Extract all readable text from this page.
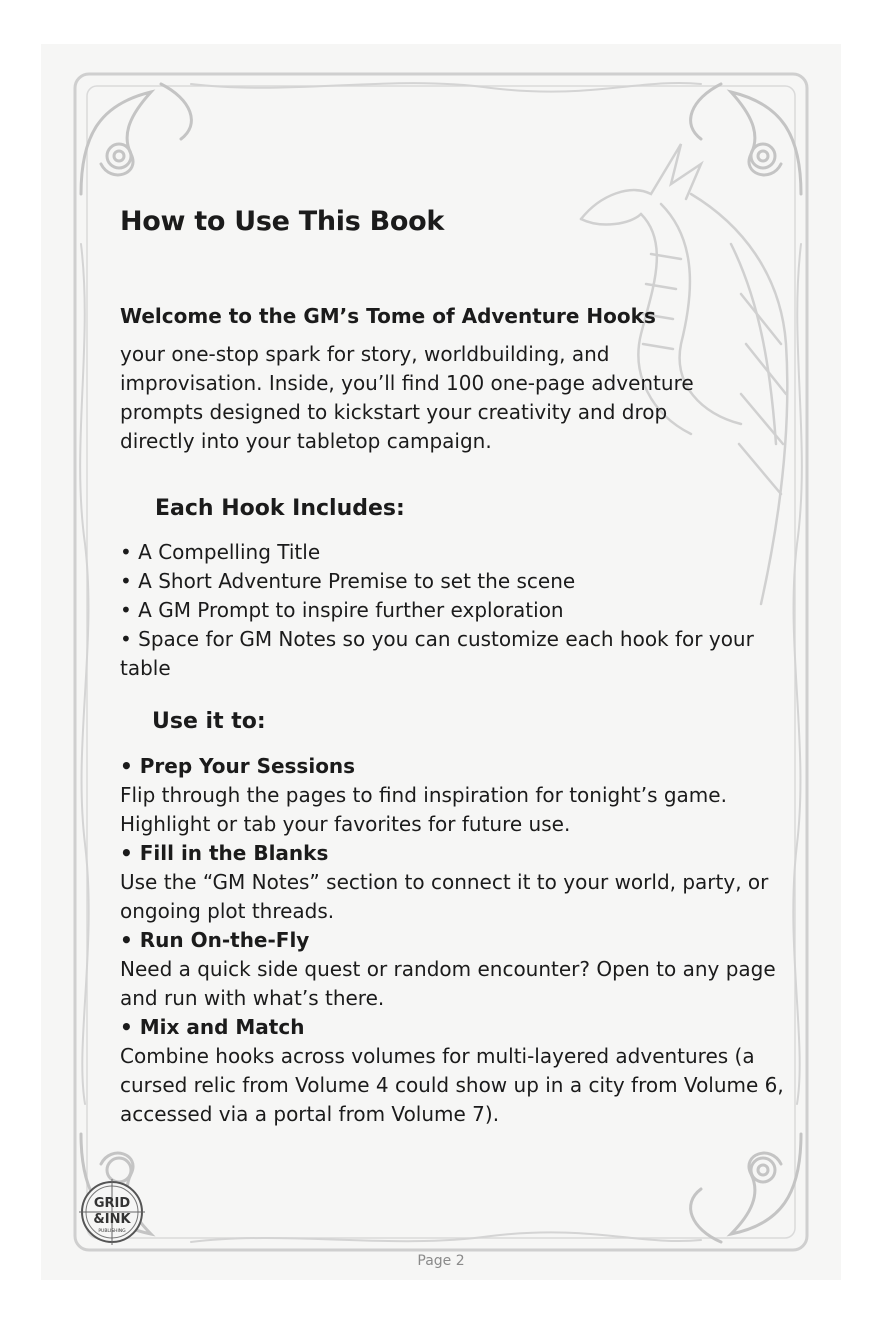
How to Use This Book
Welcome to the GM’s Tome of Adventure Hooks
your one-stop spark for story, worldbuilding, and
improvisation. Inside, you’ll find 100 one-page adventure
prompts designed to kickstart your creativity and drop
directly into your tabletop campaign.
Each Hook Includes:
• A Compelling Title
• A Short Adventure Premise to set the scene
• A GM Prompt to inspire further exploration
• Space for GM Notes so you can customize each hook for your table
Use it to:
• Prep Your Sessions
Flip through the pages to find inspiration for tonight’s game. Highlight or tab your favorites for future use.
• Fill in the Blanks
Use the “GM Notes” section to connect it to your world, party, or ongoing plot threads.
• Run On-the-Fly
Need a quick side quest or random encounter? Open to any page and run with what’s there.
• Mix and Match
Combine hooks across volumes for multi-layered adventures (a cursed relic from Volume 4 could show up in a city from Volume 6, accessed via a portal from Volume 7).
GRID
&INK
PUBLISHING
Page 2
